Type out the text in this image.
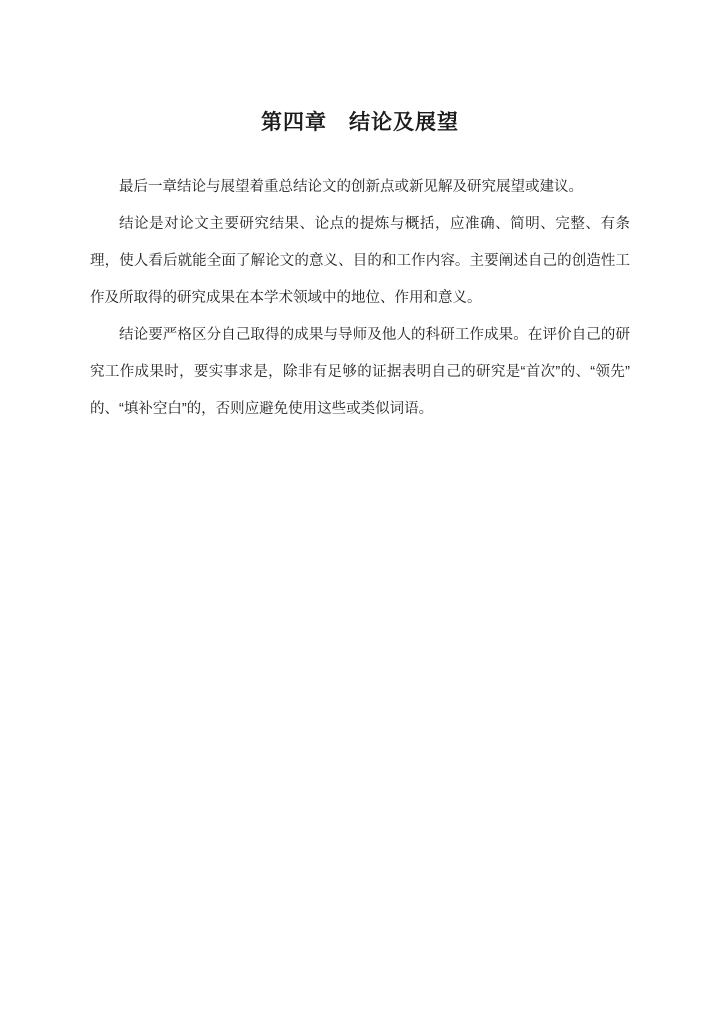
第四章　结论及展望

最后一章结论与展望着重总结论文的创新点或新见解及研究展望或建议。

结论是对论文主要研究结果、论点的提炼与概括，应准确、简明、完整、有条理，使人看后就能全面了解论文的意义、目的和工作内容。主要阐述自己的创造性工作及所取得的研究成果在本学术领域中的地位、作用和意义。

结论要严格区分自己取得的成果与导师及他人的科研工作成果。在评价自己的研究工作成果时，要实事求是，除非有足够的证据表明自己的研究是“首次”的、“领先”的、“填补空白”的，否则应避免使用这些或类似词语。
